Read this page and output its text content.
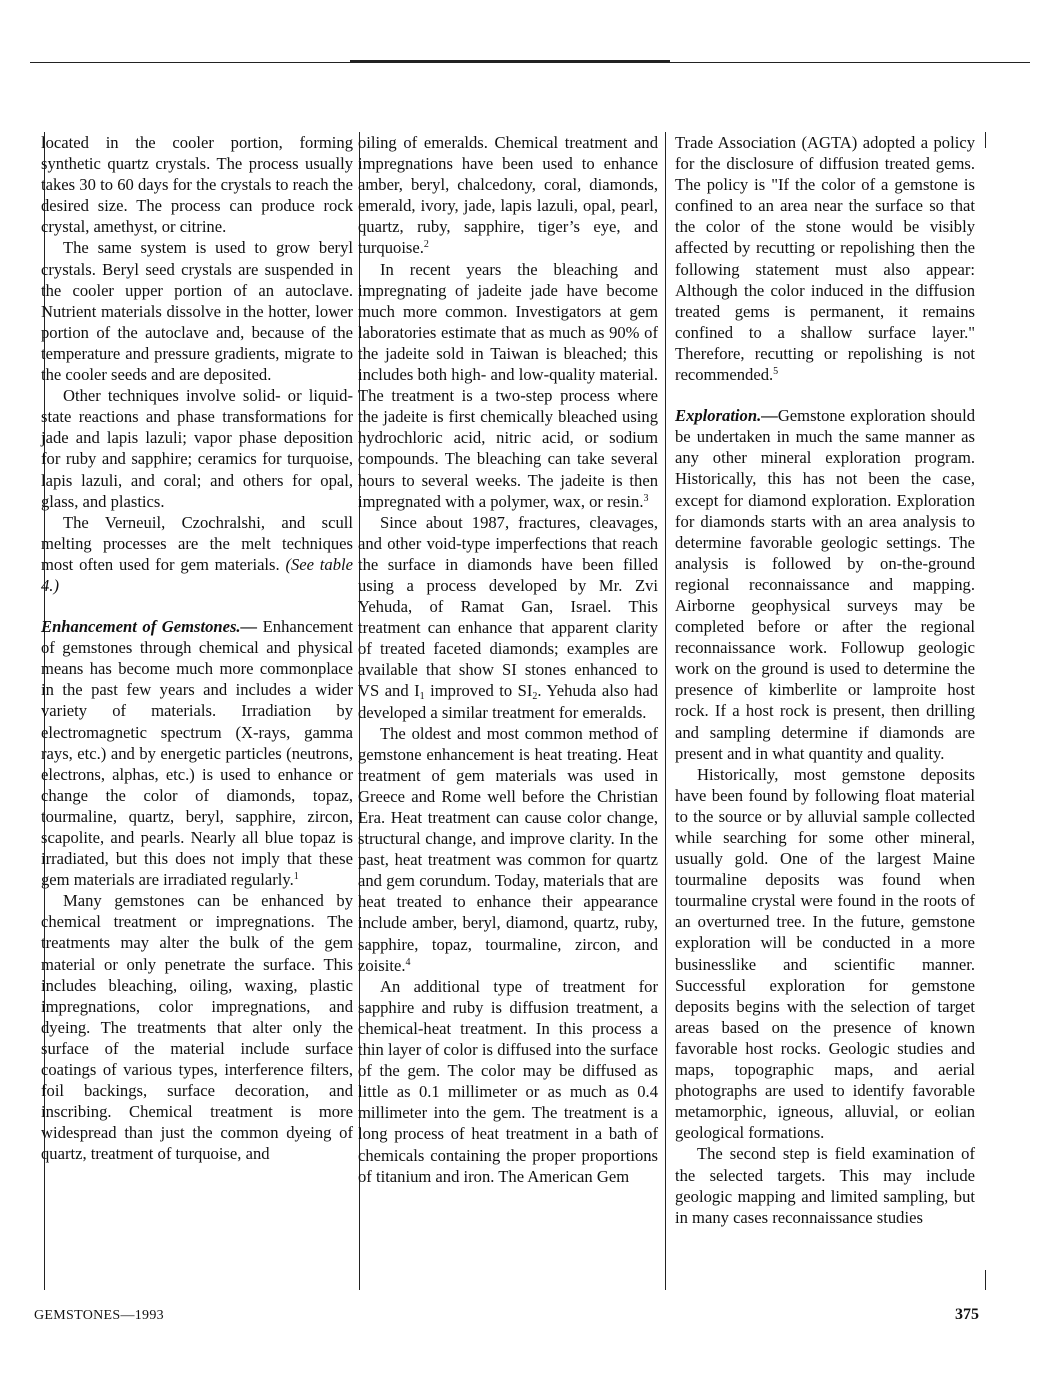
located in the cooler portion, forming synthetic quartz crystals. The process usually takes 30 to 60 days for the crystals to reach the desired size. The process can produce rock crystal, amethyst, or citrine.

The same system is used to grow beryl crystals. Beryl seed crystals are suspended in the cooler upper portion of an autoclave. Nutrient materials dissolve in the hotter, lower portion of the autoclave and, because of the temperature and pressure gradients, migrate to the cooler seeds and are deposited.

Other techniques involve solid- or liquid-state reactions and phase transformations for jade and lapis lazuli; vapor phase deposition for ruby and sapphire; ceramics for turquoise, lapis lazuli, and coral; and others for opal, glass, and plastics.

The Verneuil, Czochralshi, and scull melting processes are the melt techniques most often used for gem materials. (See table 4.)

Enhancement of Gemstones.— Enhancement of gemstones through chemical and physical means has become much more commonplace in the past few years and includes a wider variety of materials. Irradiation by electromagnetic spectrum (X-rays, gamma rays, etc.) and by energetic particles (neutrons, electrons, alphas, etc.) is used to enhance or change the color of diamonds, topaz, tourmaline, quartz, beryl, sapphire, zircon, scapolite, and pearls. Nearly all blue topaz is irradiated, but this does not imply that these gem materials are irradiated regularly.$^1$

Many gemstones can be enhanced by chemical treatment or impregnations. The treatments may alter the bulk of the gem material or only penetrate the surface. This includes bleaching, oiling, waxing, plastic impregnations, color impregnations, and dyeing. The treatments that alter only the surface of the material include surface coatings of various types, interference filters, foil backings, surface decoration, and inscribing. Chemical treatment is more widespread than just the common dyeing of quartz, treatment of turquoise, and

oiling of emeralds. Chemical treatment and impregnations have been used to enhance amber, beryl, chalcedony, coral, diamonds, emerald, ivory, jade, lapis lazuli, opal, pearl, quartz, ruby, sapphire, tiger’s eye, and turquoise.$^2$

In recent years the bleaching and impregnating of jadeite jade have become much more common. Investigators at gem laboratories estimate that as much as 90% of the jadeite sold in Taiwan is bleached; this includes both high- and low-quality material. The treatment is a two-step process where the jadeite is first chemically bleached using hydrochloric acid, nitric acid, or sodium compounds. The bleaching can take several hours to several weeks. The jadeite is then impregnated with a polymer, wax, or resin.$^3$

Since about 1987, fractures, cleavages, and other void-type imperfections that reach the surface in diamonds have been filled using a process developed by Mr. Zvi Yehuda, of Ramat Gan, Israel. This treatment can enhance that apparent clarity of treated faceted diamonds; examples are available that show SI stones enhanced to VS and $I_1$ improved to $SI_2$. Yehuda also had developed a similar treatment for emeralds.

The oldest and most common method of gemstone enhancement is heat treating. Heat treatment of gem materials was used in Greece and Rome well before the Christian Era. Heat treatment can cause color change, structural change, and improve clarity. In the past, heat treatment was common for quartz and gem corundum. Today, materials that are heat treated to enhance their appearance include amber, beryl, diamond, quartz, ruby, sapphire, topaz, tourmaline, zircon, and zoisite.$^4$

An additional type of treatment for sapphire and ruby is diffusion treatment, a chemical-heat treatment. In this process a thin layer of color is diffused into the surface of the gem. The color may be diffused as little as 0.1 millimeter or as much as 0.4 millimeter into the gem. The treatment is a long process of heat treatment in a bath of chemicals containing the proper proportions of titanium and iron. The American Gem

Trade Association (AGTA) adopted a policy for the disclosure of diffusion treated gems. The policy is "If the color of a gemstone is confined to an area near the surface so that the color of the stone would be visibly affected by recutting or repolishing then the following statement must also appear: Although the color induced in the diffusion treated gems is permanent, it remains confined to a shallow surface layer." Therefore, recutting or repolishing is not recommended.$^5$

Exploration.—Gemstone exploration should be undertaken in much the same manner as any other mineral exploration program. Historically, this has not been the case, except for diamond exploration. Exploration for diamonds starts with an area analysis to determine favorable geologic settings. The analysis is followed by on-the-ground regional reconnaissance and mapping. Airborne geophysical surveys may be completed before or after the regional reconnaissance work. Followup geologic work on the ground is used to determine the presence of kimberlite or lamproite host rock. If a host rock is present, then drilling and sampling determine if diamonds are present and in what quantity and quality.

Historically, most gemstone deposits have been found by following float material to the source or by alluvial sample collected while searching for some other mineral, usually gold. One of the largest Maine tourmaline deposits was found when tourmaline crystal were found in the roots of an overturned tree. In the future, gemstone exploration will be conducted in a more businesslike and scientific manner. Successful exploration for gemstone deposits begins with the selection of target areas based on the presence of known favorable host rocks. Geologic studies and maps, topographic maps, and aerial photographs are used to identify favorable metamorphic, igneous, alluvial, or eolian geological formations.

The second step is field examination of the selected targets. This may include geologic mapping and limited sampling, but in many cases reconnaissance studies

GEMSTONES—1993	375
